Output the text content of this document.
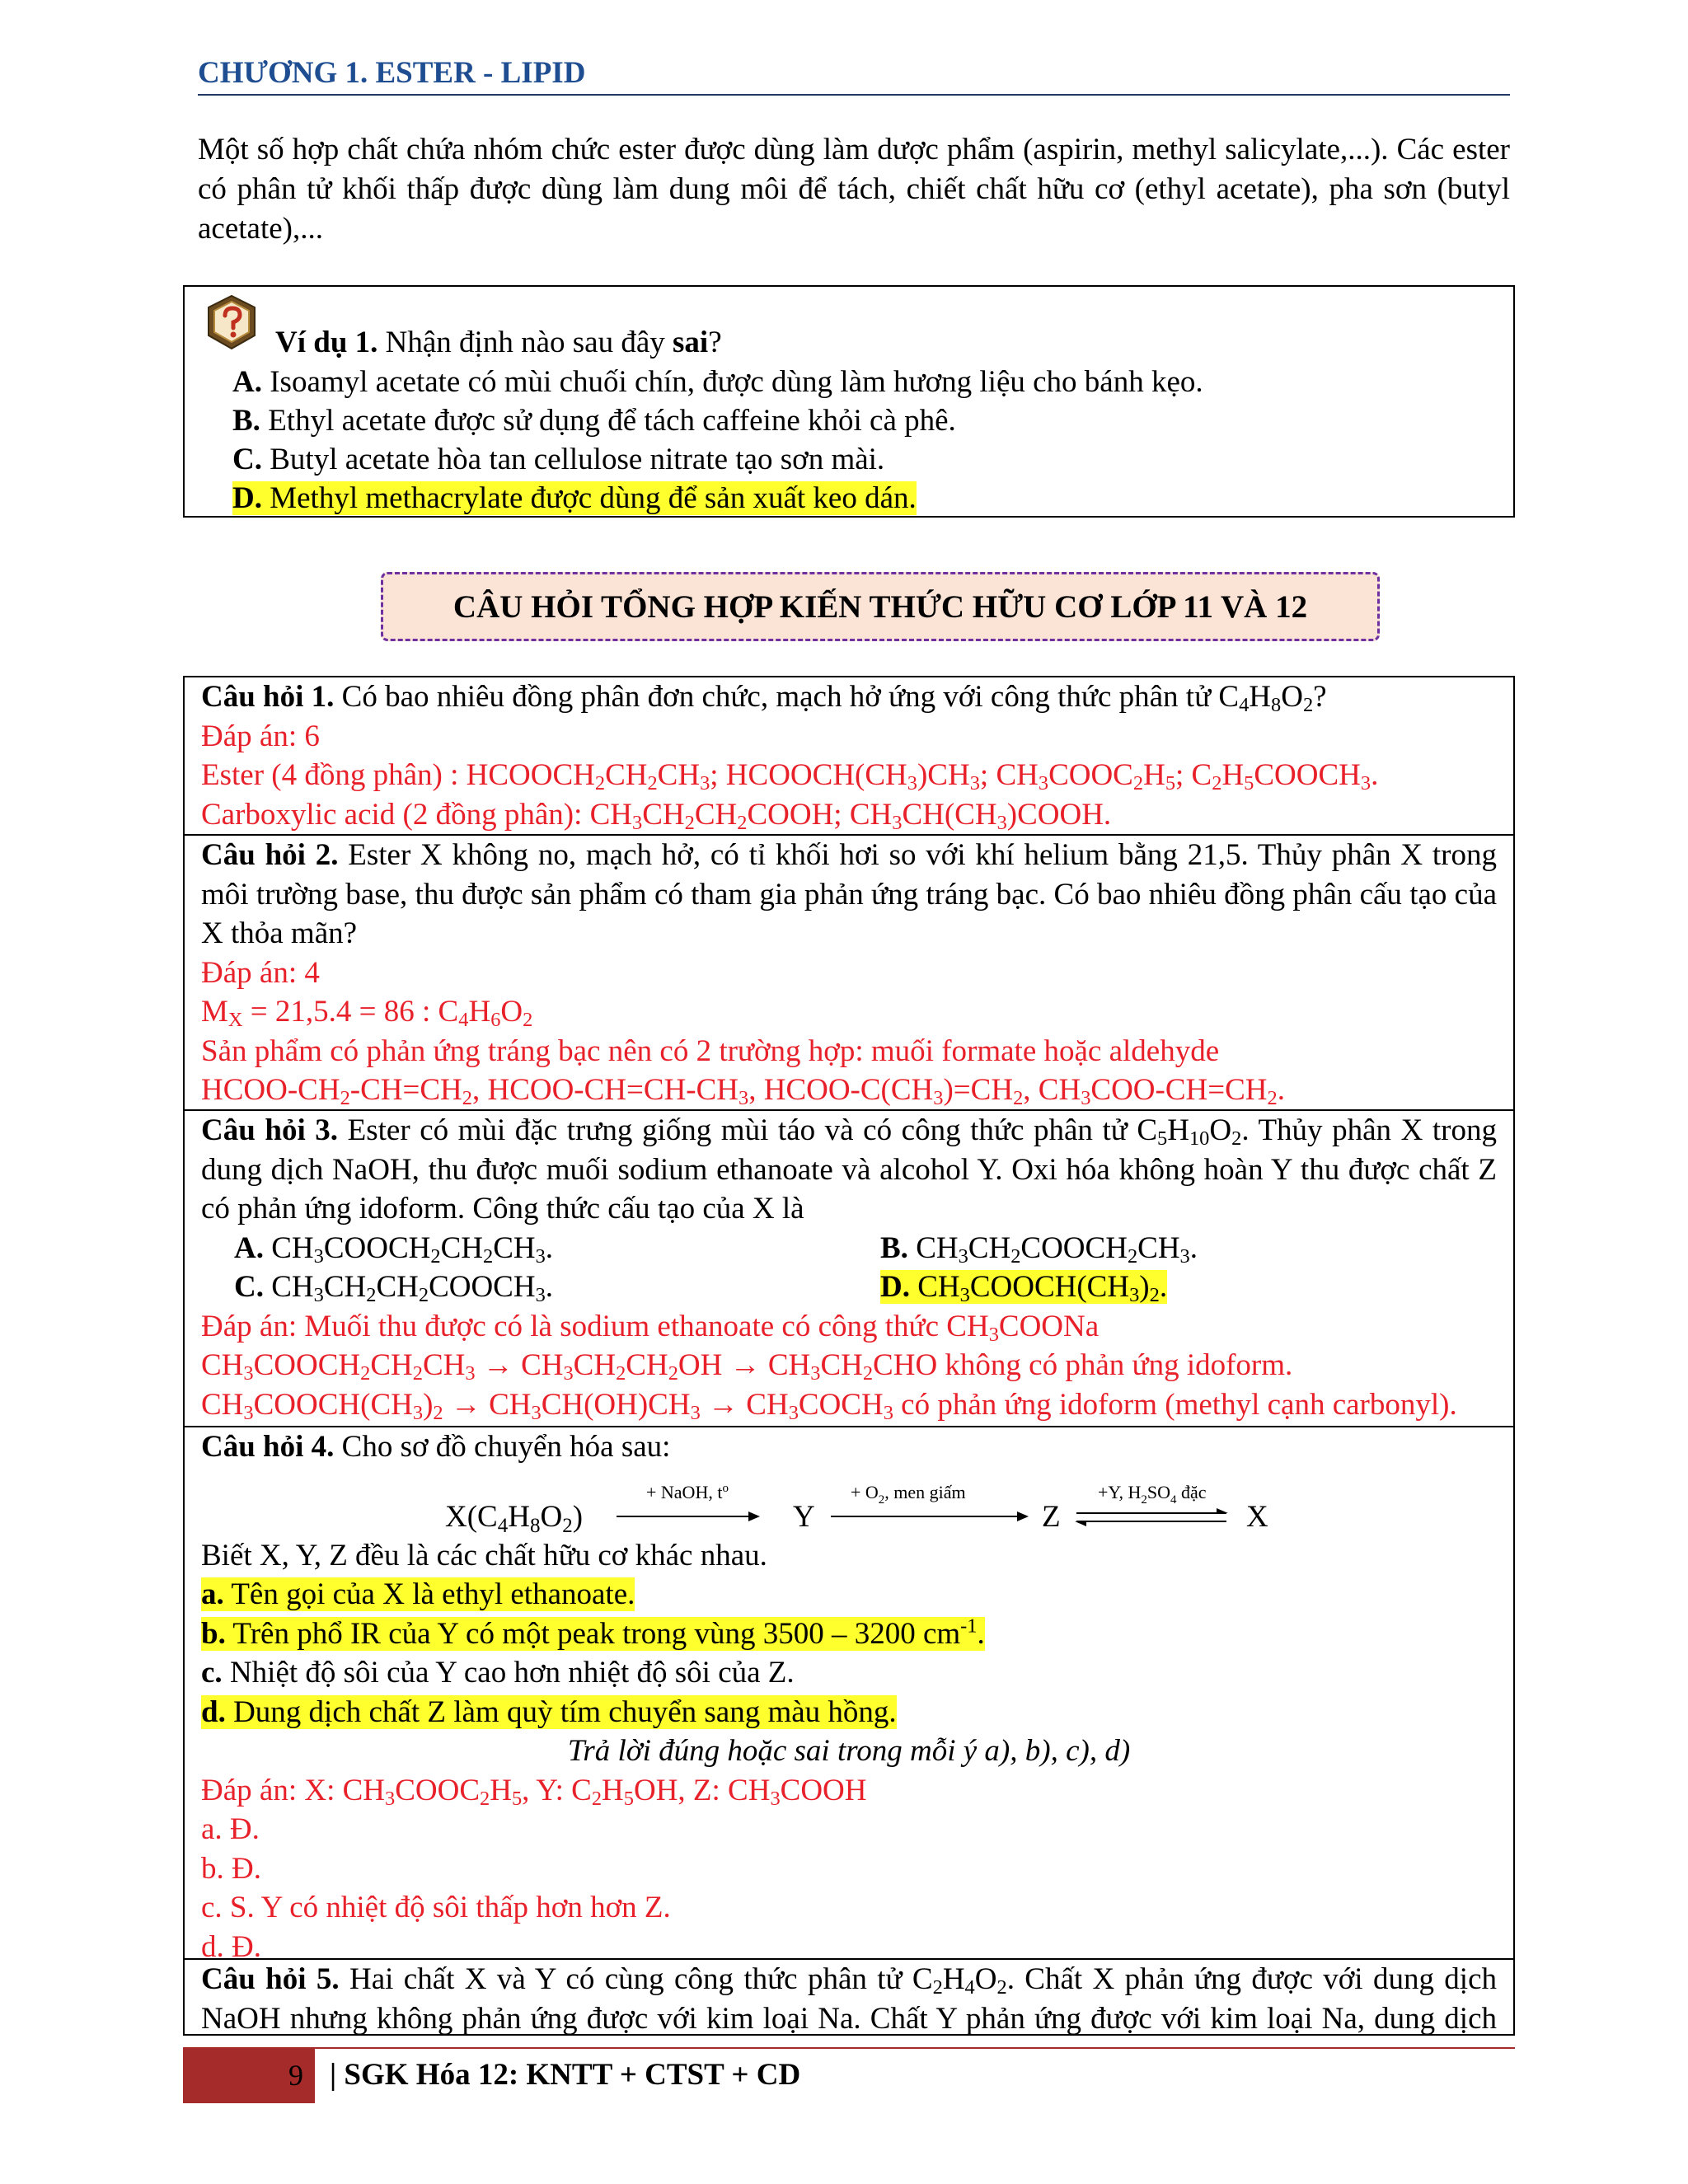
CHƯƠNG 1. ESTER - LIPID
Một số hợp chất chứa nhóm chức ester được dùng làm dược phẩm (aspirin, methyl salicylate,...). Các ester có phân tử khối thấp được dùng làm dung môi để tách, chiết chất hữu cơ (ethyl acetate), pha sơn (butyl acetate),...
Ví dụ 1. Nhận định nào sau đây sai?
A. Isoamyl acetate có mùi chuối chín, được dùng làm hương liệu cho bánh kẹo.
B. Ethyl acetate được sử dụng để tách caffeine khỏi cà phê.
C. Butyl acetate hòa tan cellulose nitrate tạo sơn mài.
D. Methyl methacrylate được dùng để sản xuất keo dán.
CÂU HỎI TỔNG HỢP KIẾN THỨC HỮU CƠ LỚP 11 VÀ 12
Câu hỏi 1. Có bao nhiêu đồng phân đơn chức, mạch hở ứng với công thức phân tử $C_4H_8O_2$?
Đáp án: 6
Ester (4 đồng phân) : $HCOOCH_2CH_2CH_3$; $HCOOCH(CH_3)CH_3$; $CH_3COOC_2H_5$; $C_2H_5COOCH_3$.
Carboxylic acid (2 đồng phân): $CH_3CH_2CH_2COOH$; $CH_3CH(CH_3)COOH$.
Câu hỏi 2. Ester X không no, mạch hở, có tỉ khối hơi so với khí helium bằng 21,5. Thủy phân X trong
môi trường base, thu được sản phẩm có tham gia phản ứng tráng bạc. Có bao nhiêu đồng phân cấu tạo của
X thỏa mãn?
Đáp án: 4
$M_X = 21,5.4 = 86$ : $C_4H_6O_2$
Sản phẩm có phản ứng tráng bạc nên có 2 trường hợp: muối formate hoặc aldehyde
HCOO-$CH_2-CH=CH_2$, HCOO-$CH=CH-CH_3$, HCOO-$C(CH_3)=CH_2$, $CH_3COO-CH=CH_2$.
Câu hỏi 3. Ester có mùi đặc trưng giống mùi táo và có công thức phân tử $C_5H_{10}O_2$. Thủy phân X trong
dung dịch NaOH, thu được muối sodium ethanoate và alcohol Y. Oxi hóa không hoàn Y thu được chất Z
có phản ứng idoform. Công thức cấu tạo của X là
A. $CH_3COOCH_2CH_2CH_3$.	B. $CH_3CH_2COOCH_2CH_3$.
C. $CH_3CH_2CH_2COOCH_3$.	D. $CH_3COOCH(CH_3)_2$.
Đáp án: Muối thu được có là sodium ethanoate có công thức $CH_3COONa$
$CH_3COOCH_2CH_2CH_3 \to CH_3CH_2CH_2OH \to CH_3CH_2CHO$ không có phản ứng idoform.
$CH_3COOCH(CH_3)_2 \to CH_3CH(OH)CH_3$ → $CH_3COCH_3$ có phản ứng idoform (methyl cạnh carbonyl).
Câu hỏi 4. Cho sơ đồ chuyển hóa sau:
X(C4H8O2)
+ NaOH, $t^o$
Y
+ $O_2$, men giấm
Z
+Y, $H_2SO_4$ đặc
X
Biết X, Y, Z đều là các chất hữu cơ khác nhau.
a. Tên gọi của X là ethyl ethanoate.
b. Trên phổ IR của Y có một peak trong vùng 3500 – 3200 $cm^{-1}$.
c. Nhiệt độ sôi của Y cao hơn nhiệt độ sôi của Z.
d. Dung dịch chất Z làm quỳ tím chuyển sang màu hồng.
Trả lời đúng hoặc sai trong mỗi ý a), b), c), d)
Đáp án: X: $CH_3COOC_2H_5$, Y: $C_2H_5OH$, Z: $CH_3COOH$
a. Đ.
b. Đ.
c. S. Y có nhiệt độ sôi thấp hơn hơn Z.
d. Đ.
Câu hỏi 5. Hai chất X và Y có cùng công thức phân tử $C_2H_4O_2$. Chất X phản ứng được với dung dịch
NaOH nhưng không phản ứng được với kim loại Na. Chất Y phản ứng được với kim loại Na, dung dịch
9 | SGK Hóa 12: KNTT + CTST + CD
